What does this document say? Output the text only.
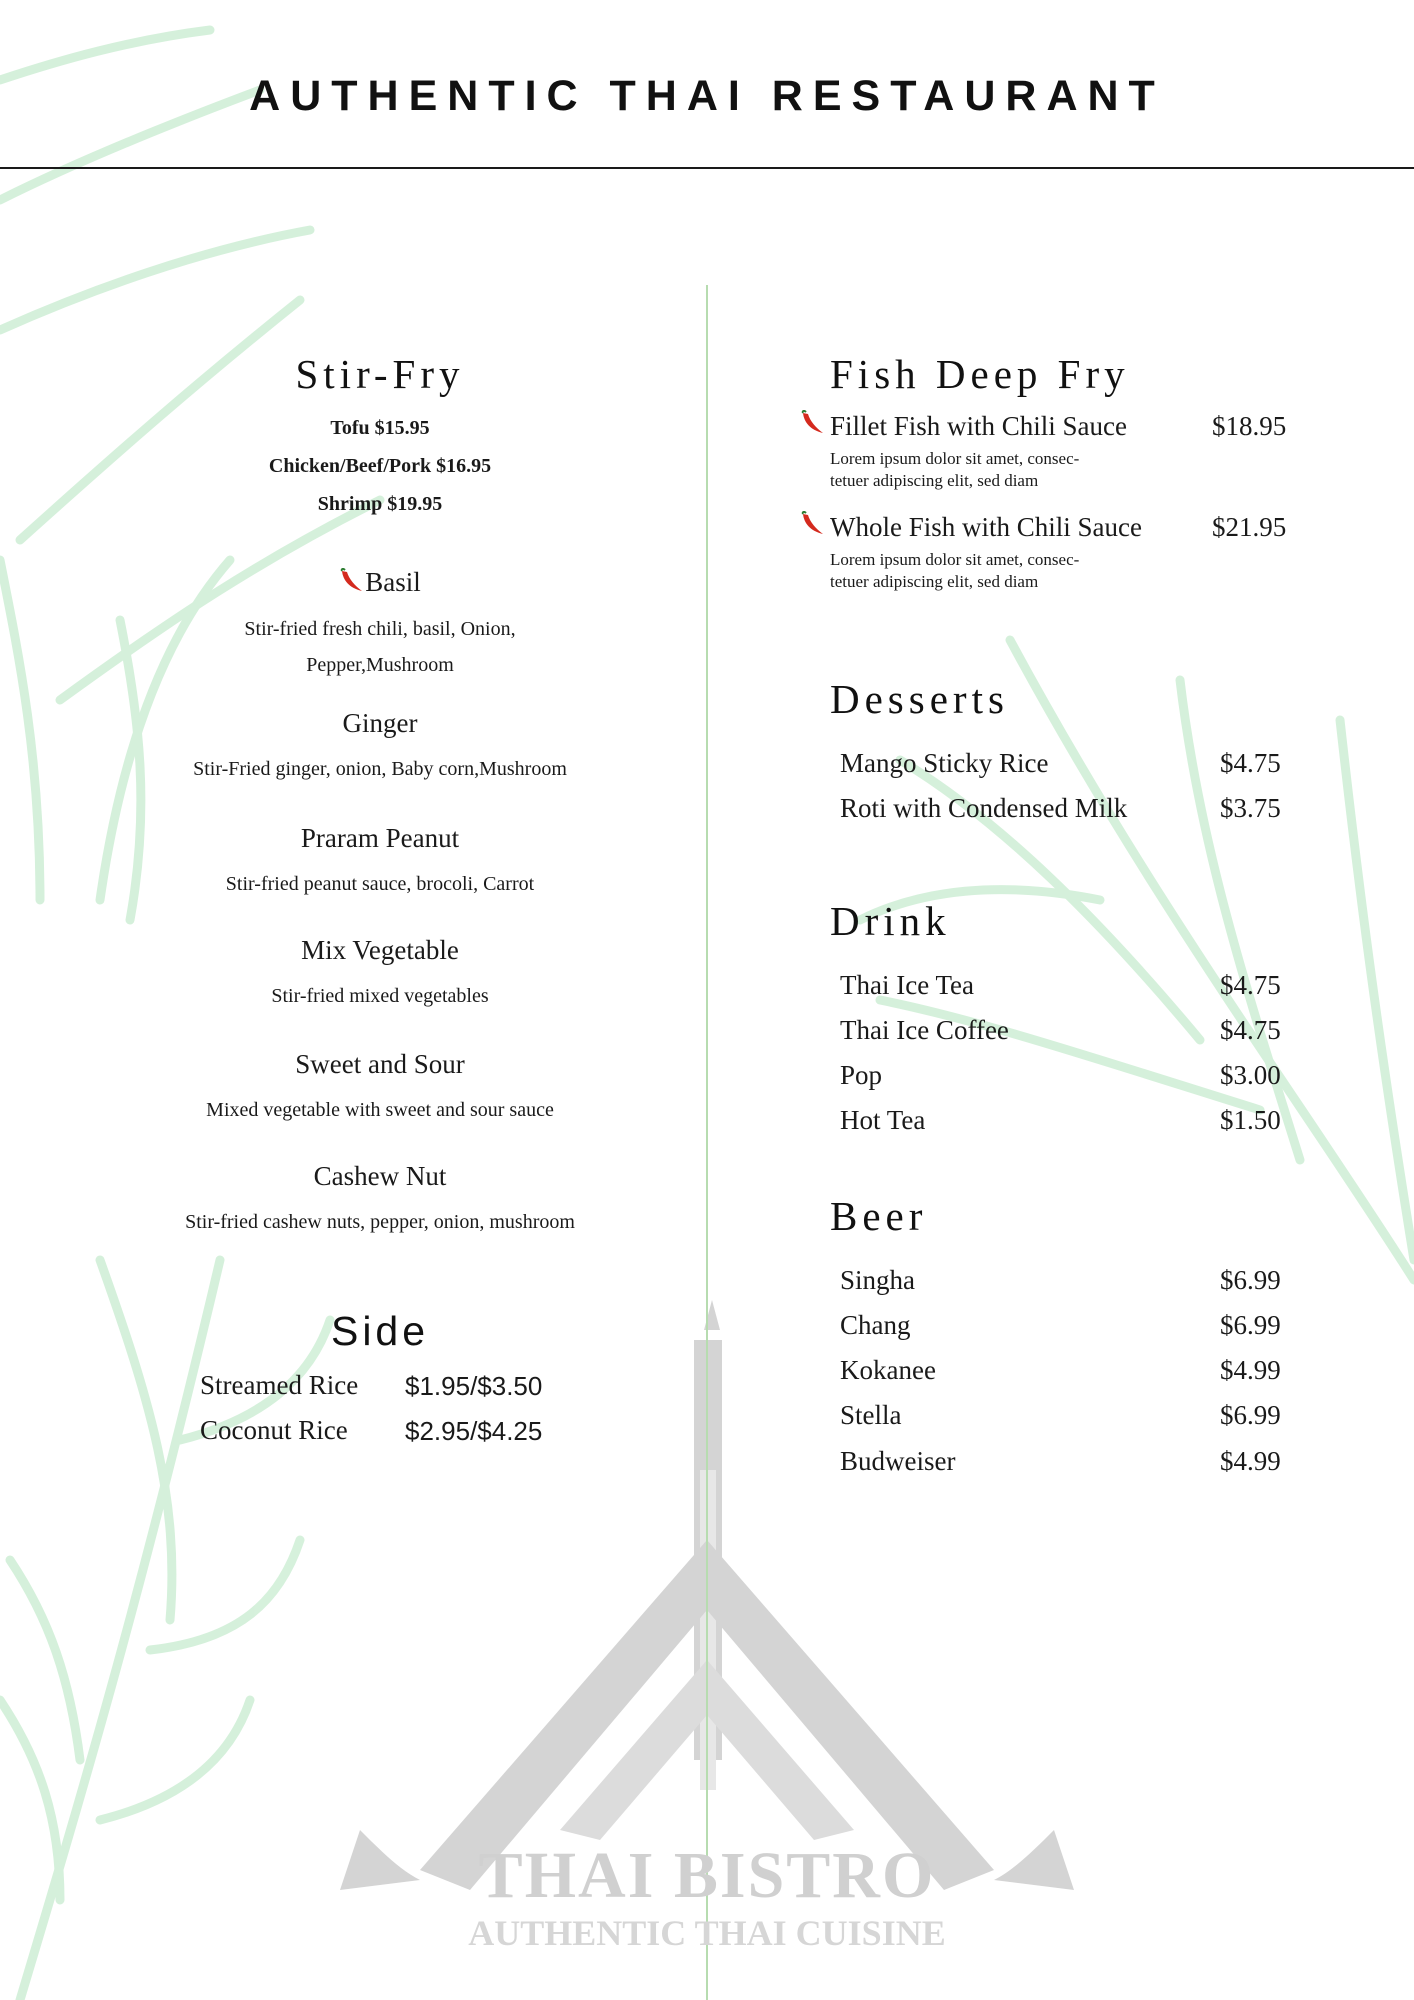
AUTHENTIC THAI RESTAURANT
Stir-Fry
Tofu $15.95
Chicken/Beef/Pork $16.95
Shrimp $19.95
Basil
Stir-fried fresh chili, basil, Onion,
Pepper,Mushroom
Ginger
Stir-Fried ginger, onion, Baby corn,Mushroom
Praram Peanut
Stir-fried peanut sauce, brocoli, Carrot
Mix Vegetable
Stir-fried mixed vegetables
Sweet and Sour
Mixed vegetable with sweet and sour sauce
Cashew Nut
Stir-fried cashew nuts, pepper, onion, mushroom
Side
Streamed Rice $1.95/$3.50
Coconut Rice $2.95/$4.25
Fish Deep Fry
Fillet Fish with Chili Sauce	$18.95
Lorem ipsum dolor sit amet, consec-
tetuer adipiscing elit, sed diam
Whole Fish with Chili Sauce	$21.95
Lorem ipsum dolor sit amet, consec-
tetuer adipiscing elit, sed diam
Desserts
Mango Sticky Rice	$4.75
Roti with Condensed Milk	$3.75
Drink
Thai Ice Tea	$4.75
Thai Ice Coffee	$4.75
Pop	$3.00
Hot Tea	$1.50
Beer
Singha	$6.99
Chang	$6.99
Kokanee	$4.99
Stella	$6.99
Budweiser	$4.99
THAI BISTRO
AUTHENTIC THAI CUISINE
